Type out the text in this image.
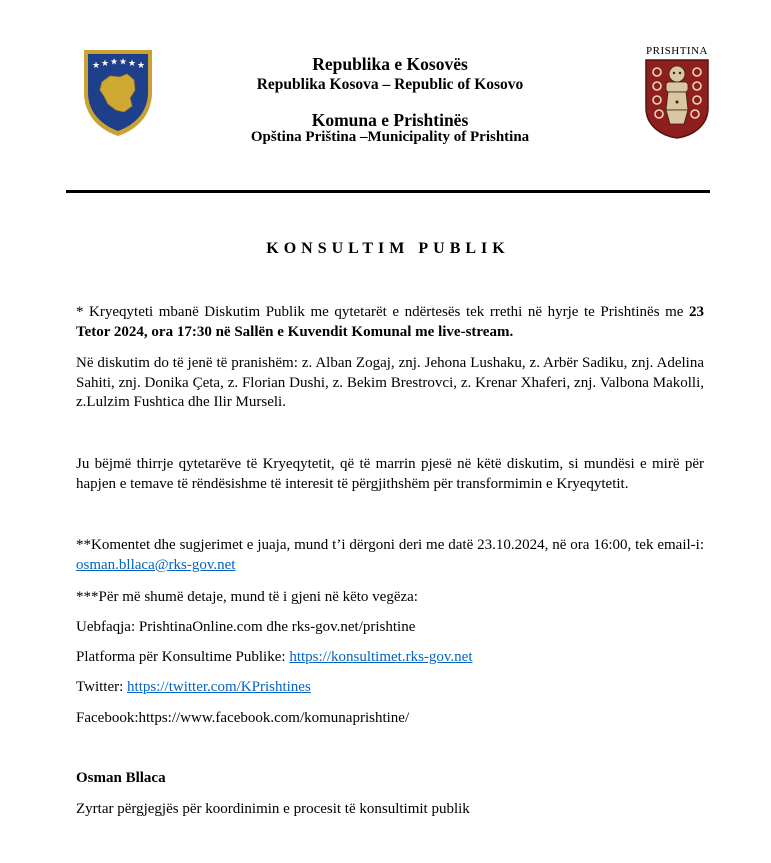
★ ★ ★ ★ ★ ★	Republika e Kosovës
Republika Kosova – Republic of Kosovo
Komuna e Prishtinës
Opština Priština –Municipality of Prishtina
PRISHTINA
KONSULTIM PUBLIK
* Kryeqyteti mbanë Diskutim Publik me qytetarët e ndërtesës tek rrethi në hyrje te Prishtinës me 23 Tetor 2024, ora 17:30 në Sallën e Kuvendit Komunal me live-stream.
Në diskutim do të jenë të pranishëm: z. Alban Zogaj, znj. Jehona Lushaku, z. Arbër Sadiku, znj. Adelina Sahiti, znj. Donika Çeta, z. Florian Dushi, z. Bekim Brestrovci, z. Krenar Xhaferi, znj. Valbona Makolli, z.Lulzim Fushtica dhe Ilir Murseli.
Ju bëjmë thirrje qytetarëve të Kryeqytetit, që të marrin pjesë në këtë diskutim, si mundësi e mirë për hapjen e temave të rëndësishme të interesit të përgjithshëm për transformimin e Kryeqytetit.
**Komentet dhe sugjerimet e juaja, mund t’i dërgoni deri me datë 23.10.2024, në ora 16:00, tek email-i: osman.bllaca@rks-gov.net
***Për më shumë detaje, mund të i gjeni në këto vegëza:
Uebfaqja: PrishtinaOnline.com dhe rks-gov.net/prishtine
Platforma për Konsultime Publike: https://konsultimet.rks-gov.net
Twitter: https://twitter.com/KPrishtines
Facebook:https://www.facebook.com/komunaprishtine/
Osman Bllaca
Zyrtar përgjegjës për koordinimin e procesit të konsultimit publik
